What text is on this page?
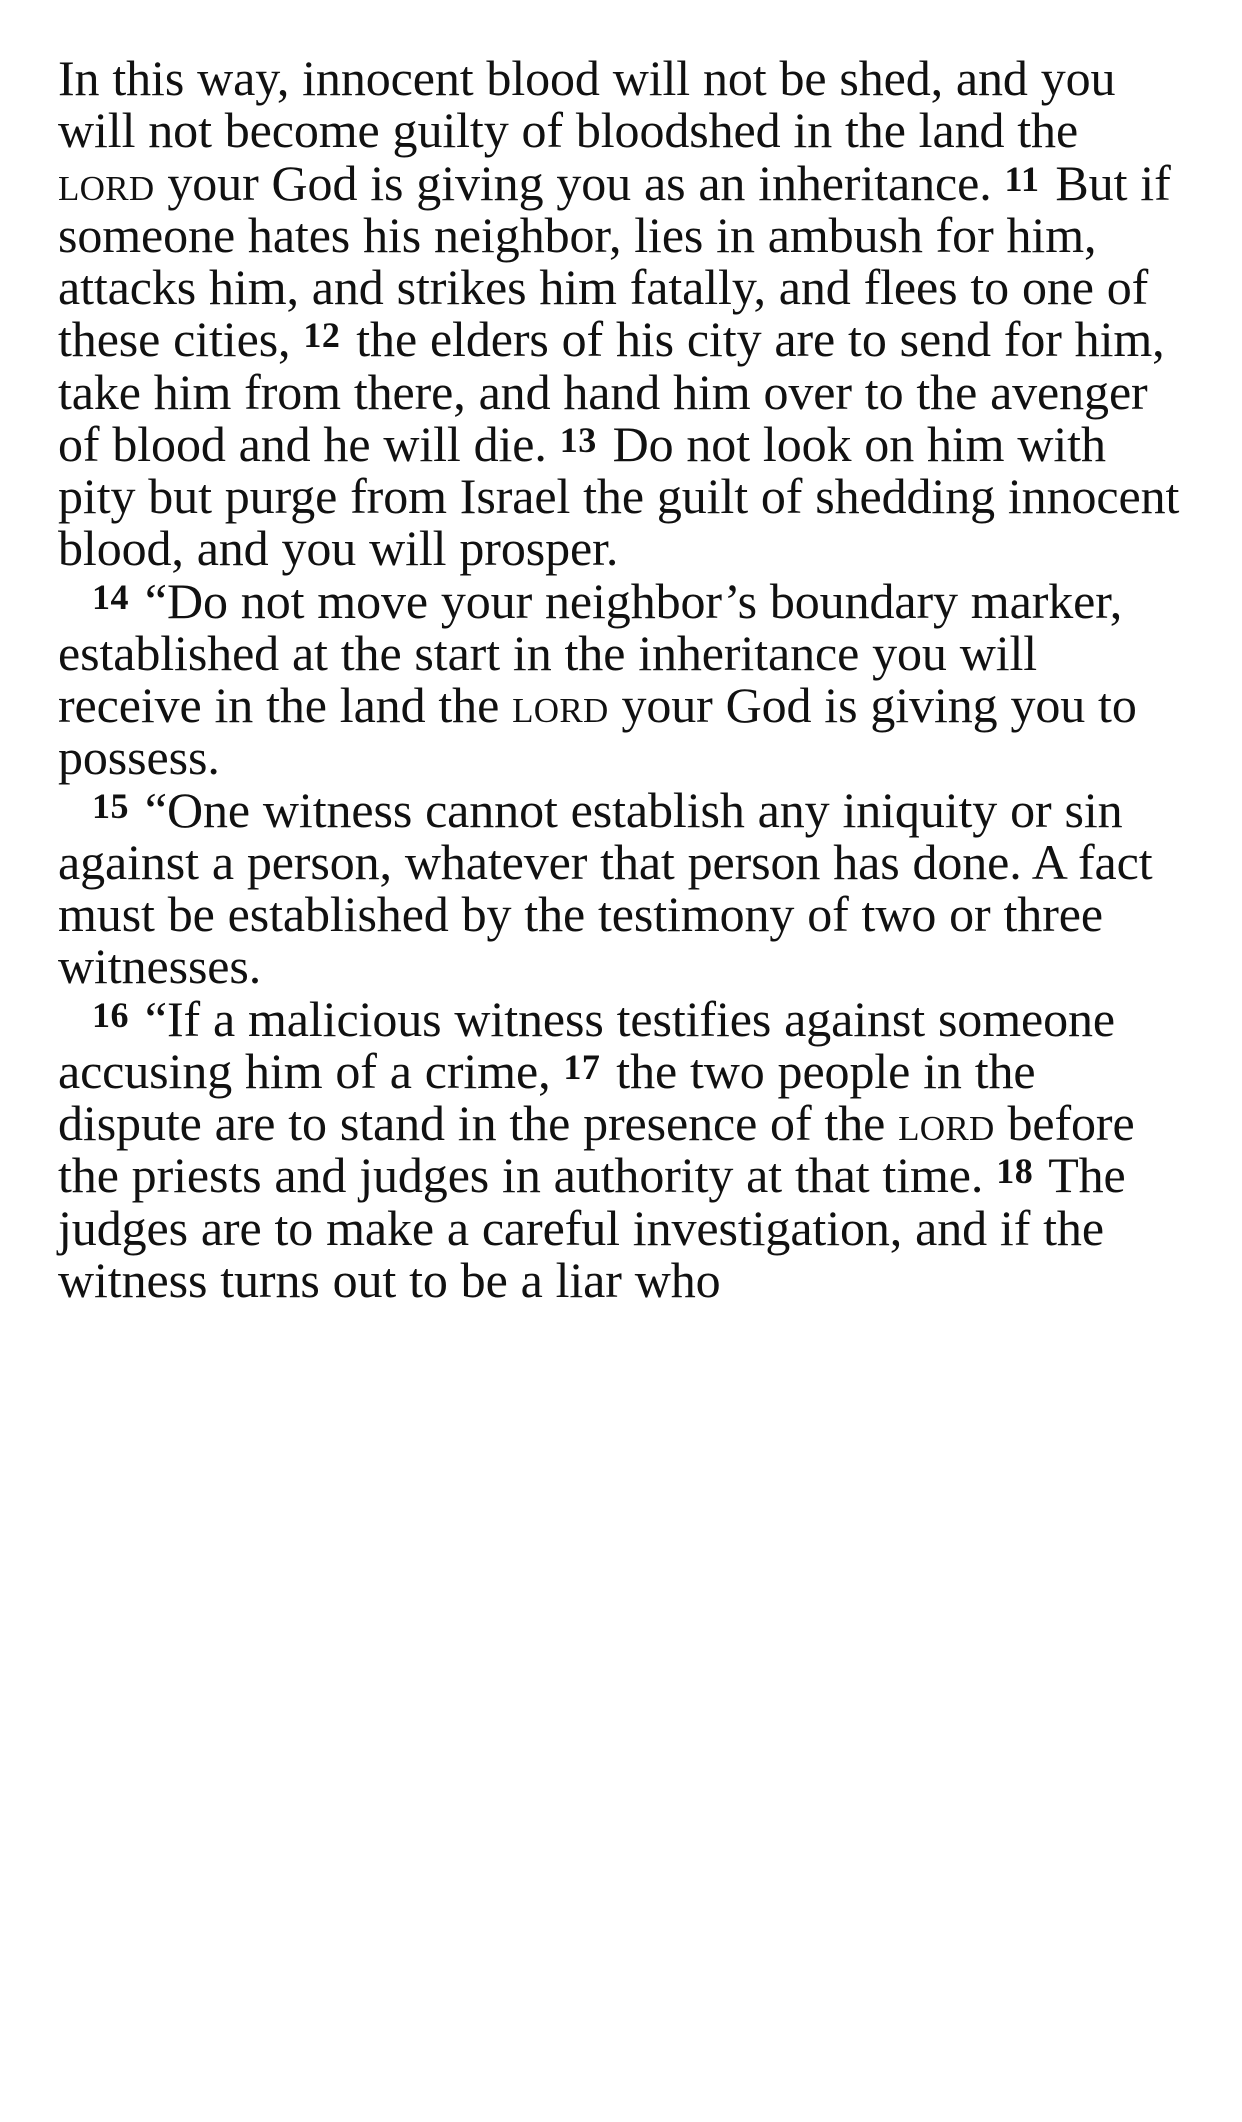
In this way, innocent blood will not be shed, and you will not become guilty of bloodshed in the land the lord your God is giving you as an inheritance. 11 But if someone hates his neighbor, lies in ambush for him, attacks him, and strikes him fatally, and flees to one of these cities, 12 the elders of his city are to send for him, take him from there, and hand him over to the avenger of blood and he will die. 13 Do not look on him with pity but purge from Israel the guilt of shedding innocent blood, and you will prosper.

14 “Do not move your neighbor’s boundary marker, established at the start in the inheritance you will receive in the land the lord your God is giving you to possess.

15 “One witness cannot establish any iniquity or sin against a person, whatever that person has done. A fact must be established by the testimony of two or three witnesses.

16 “If a malicious witness testifies against someone accusing him of a crime, 17 the two people in the dispute are to stand in the presence of the lord before the priests and judges in authority at that time. 18 The judges are to make a careful investigation, and if the witness turns out to be a liar who
